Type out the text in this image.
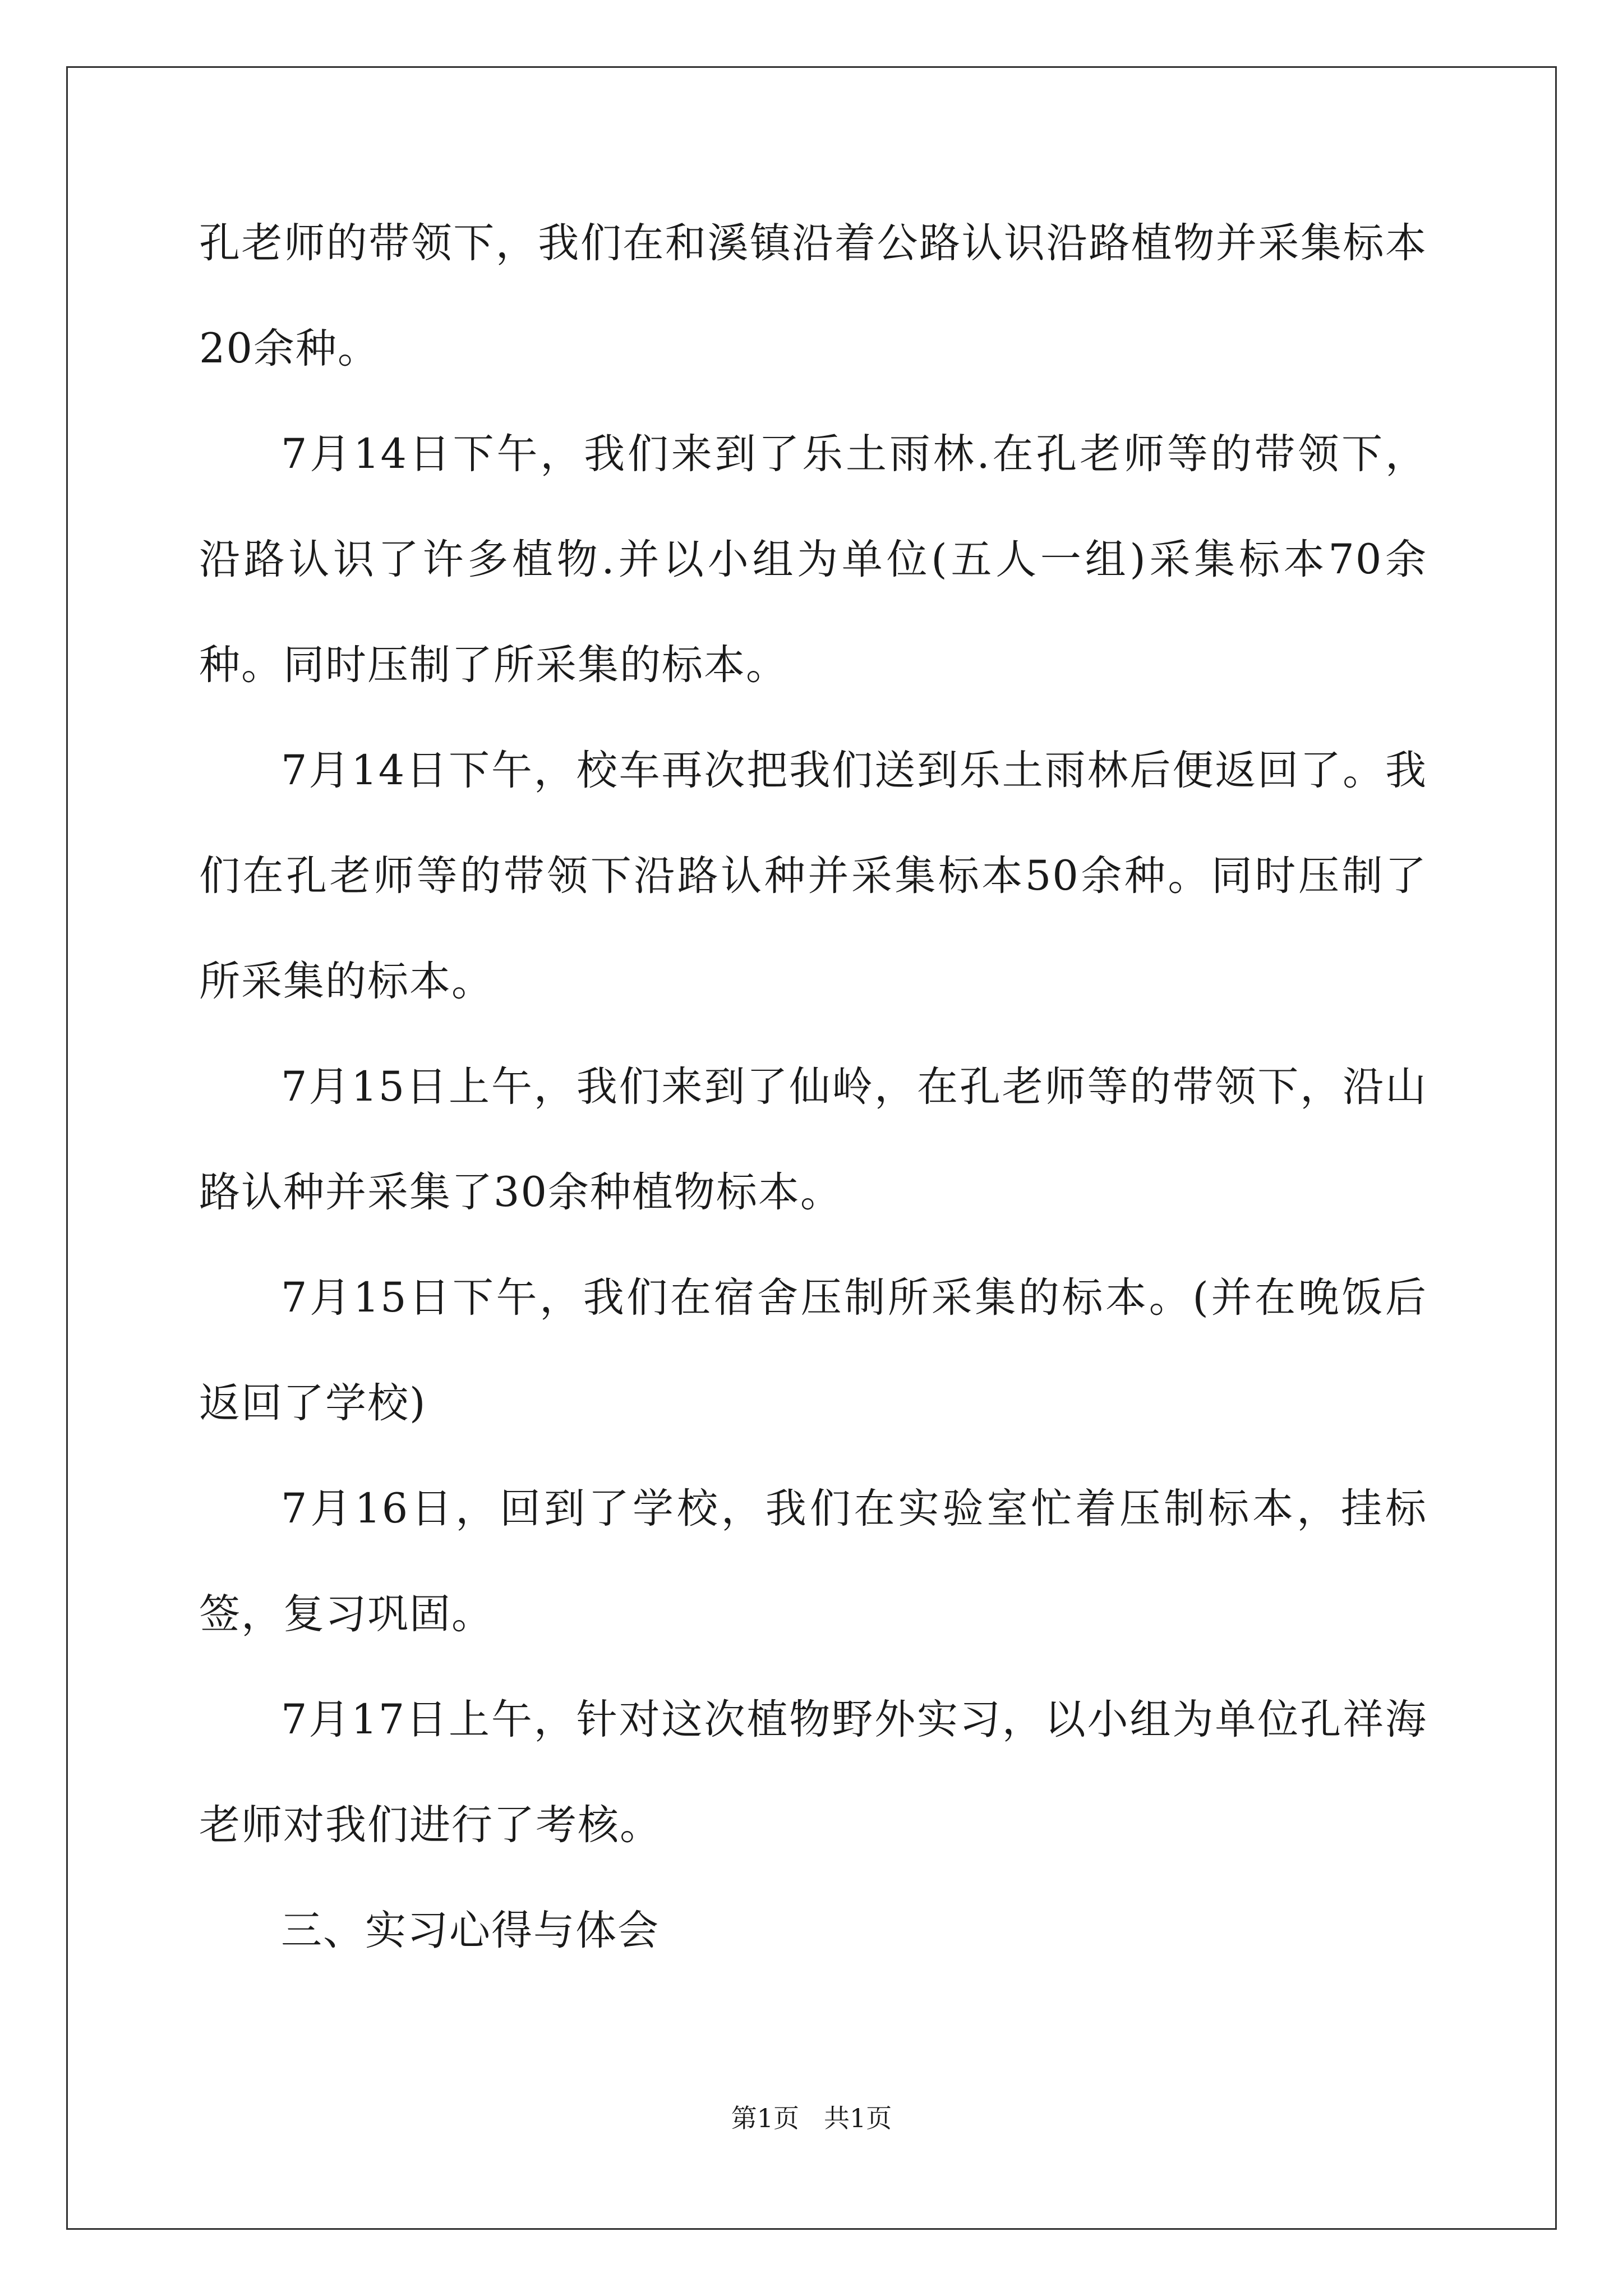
孔老师的带领下，我们在和溪镇沿着公路认识沿路植物并采集标本20余种。

7月14日下午，我们来到了乐土雨林.在孔老师等的带领下，沿路认识了许多植物.并以小组为单位(五人一组)采集标本70余种。同时压制了所采集的标本。

7月14日下午，校车再次把我们送到乐土雨林后便返回了。我们在孔老师等的带领下沿路认种并采集标本50余种。同时压制了所采集的标本。

7月15日上午，我们来到了仙岭，在孔老师等的带领下，沿山路认种并采集了30余种植物标本。

7月15日下午，我们在宿舍压制所采集的标本。(并在晚饭后返回了学校)

7月16日，回到了学校，我们在实验室忙着压制标本，挂标签，复习巩固。

7月17日上午，针对这次植物野外实习，以小组为单位孔祥海老师对我们进行了考核。

三、实习心得与体会

第1页 共1页
